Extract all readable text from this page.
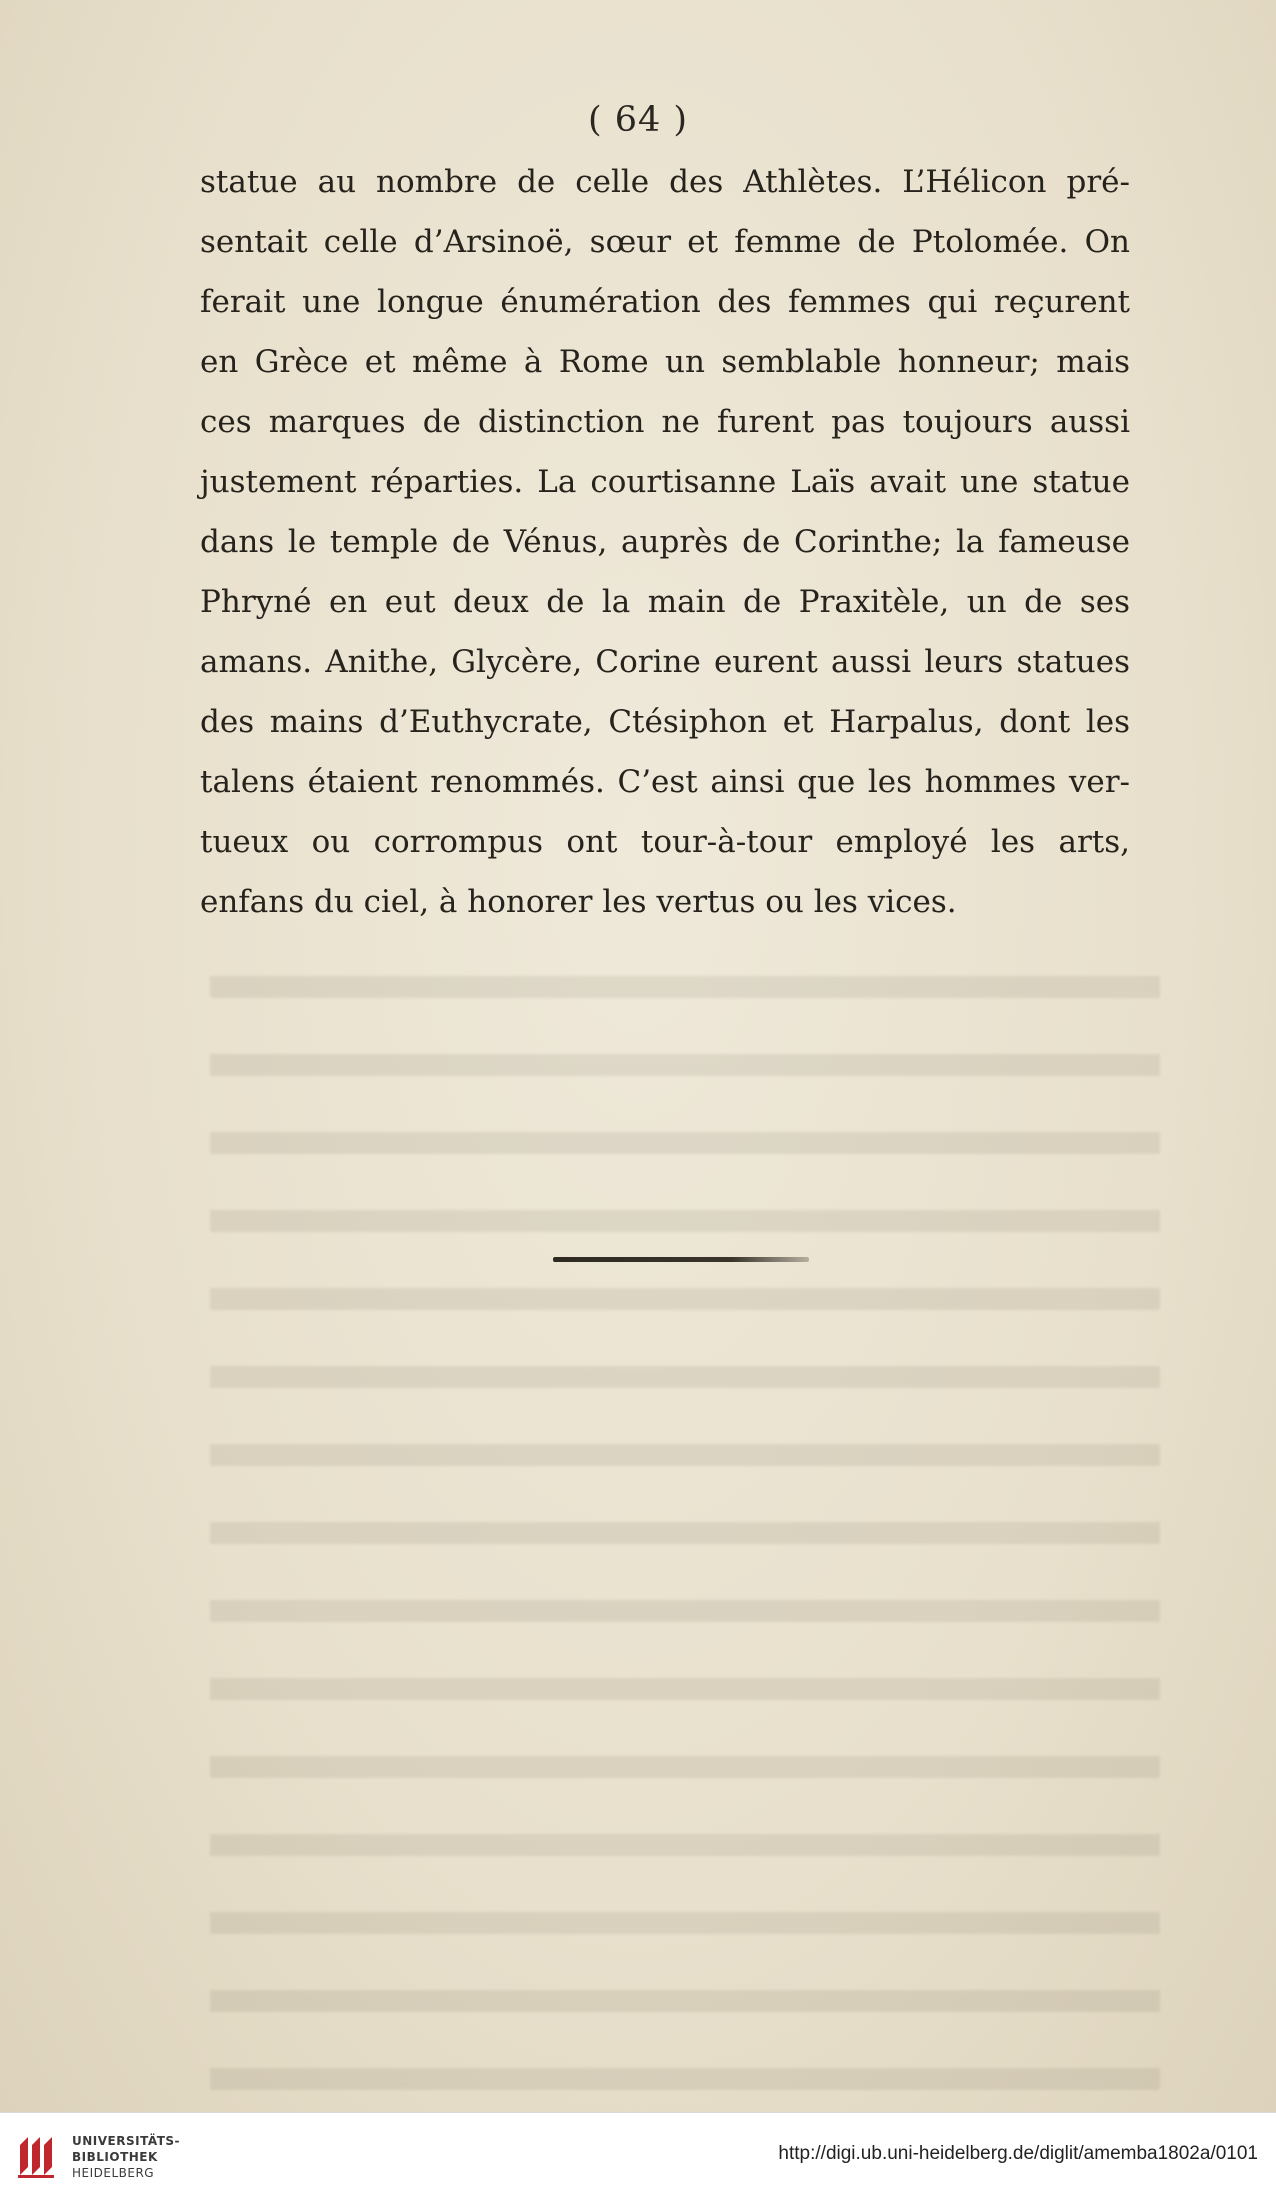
( 64 )
statue au nombre de celle des Athlètes. L’Hélicon pré-
sentait celle d’Arsinoë, sœur et femme de Ptolomée. On
ferait une longue énumération des femmes qui reçurent
en Grèce et même à Rome un semblable honneur; mais
ces marques de distinction ne furent pas toujours aussi
justement réparties. La courtisanne Laïs avait une statue
dans le temple de Vénus, auprès de Corinthe; la fameuse
Phryné en eut deux de la main de Praxitèle, un de ses
amans. Anithe, Glycère, Corine eurent aussi leurs statues
des mains d’Euthycrate, Ctésiphon et Harpalus, dont les
talens étaient renommés. C’est ainsi que les hommes ver-
tueux ou corrompus ont tour-à-tour employé les arts,
enfans du ciel, à honorer les vertus ou les vices.
UNIVERSITÄTS-
BIBLIOTHEK
HEIDELBERG
http://digi.ub.uni-heidelberg.de/diglit/amemba1802a/0101
